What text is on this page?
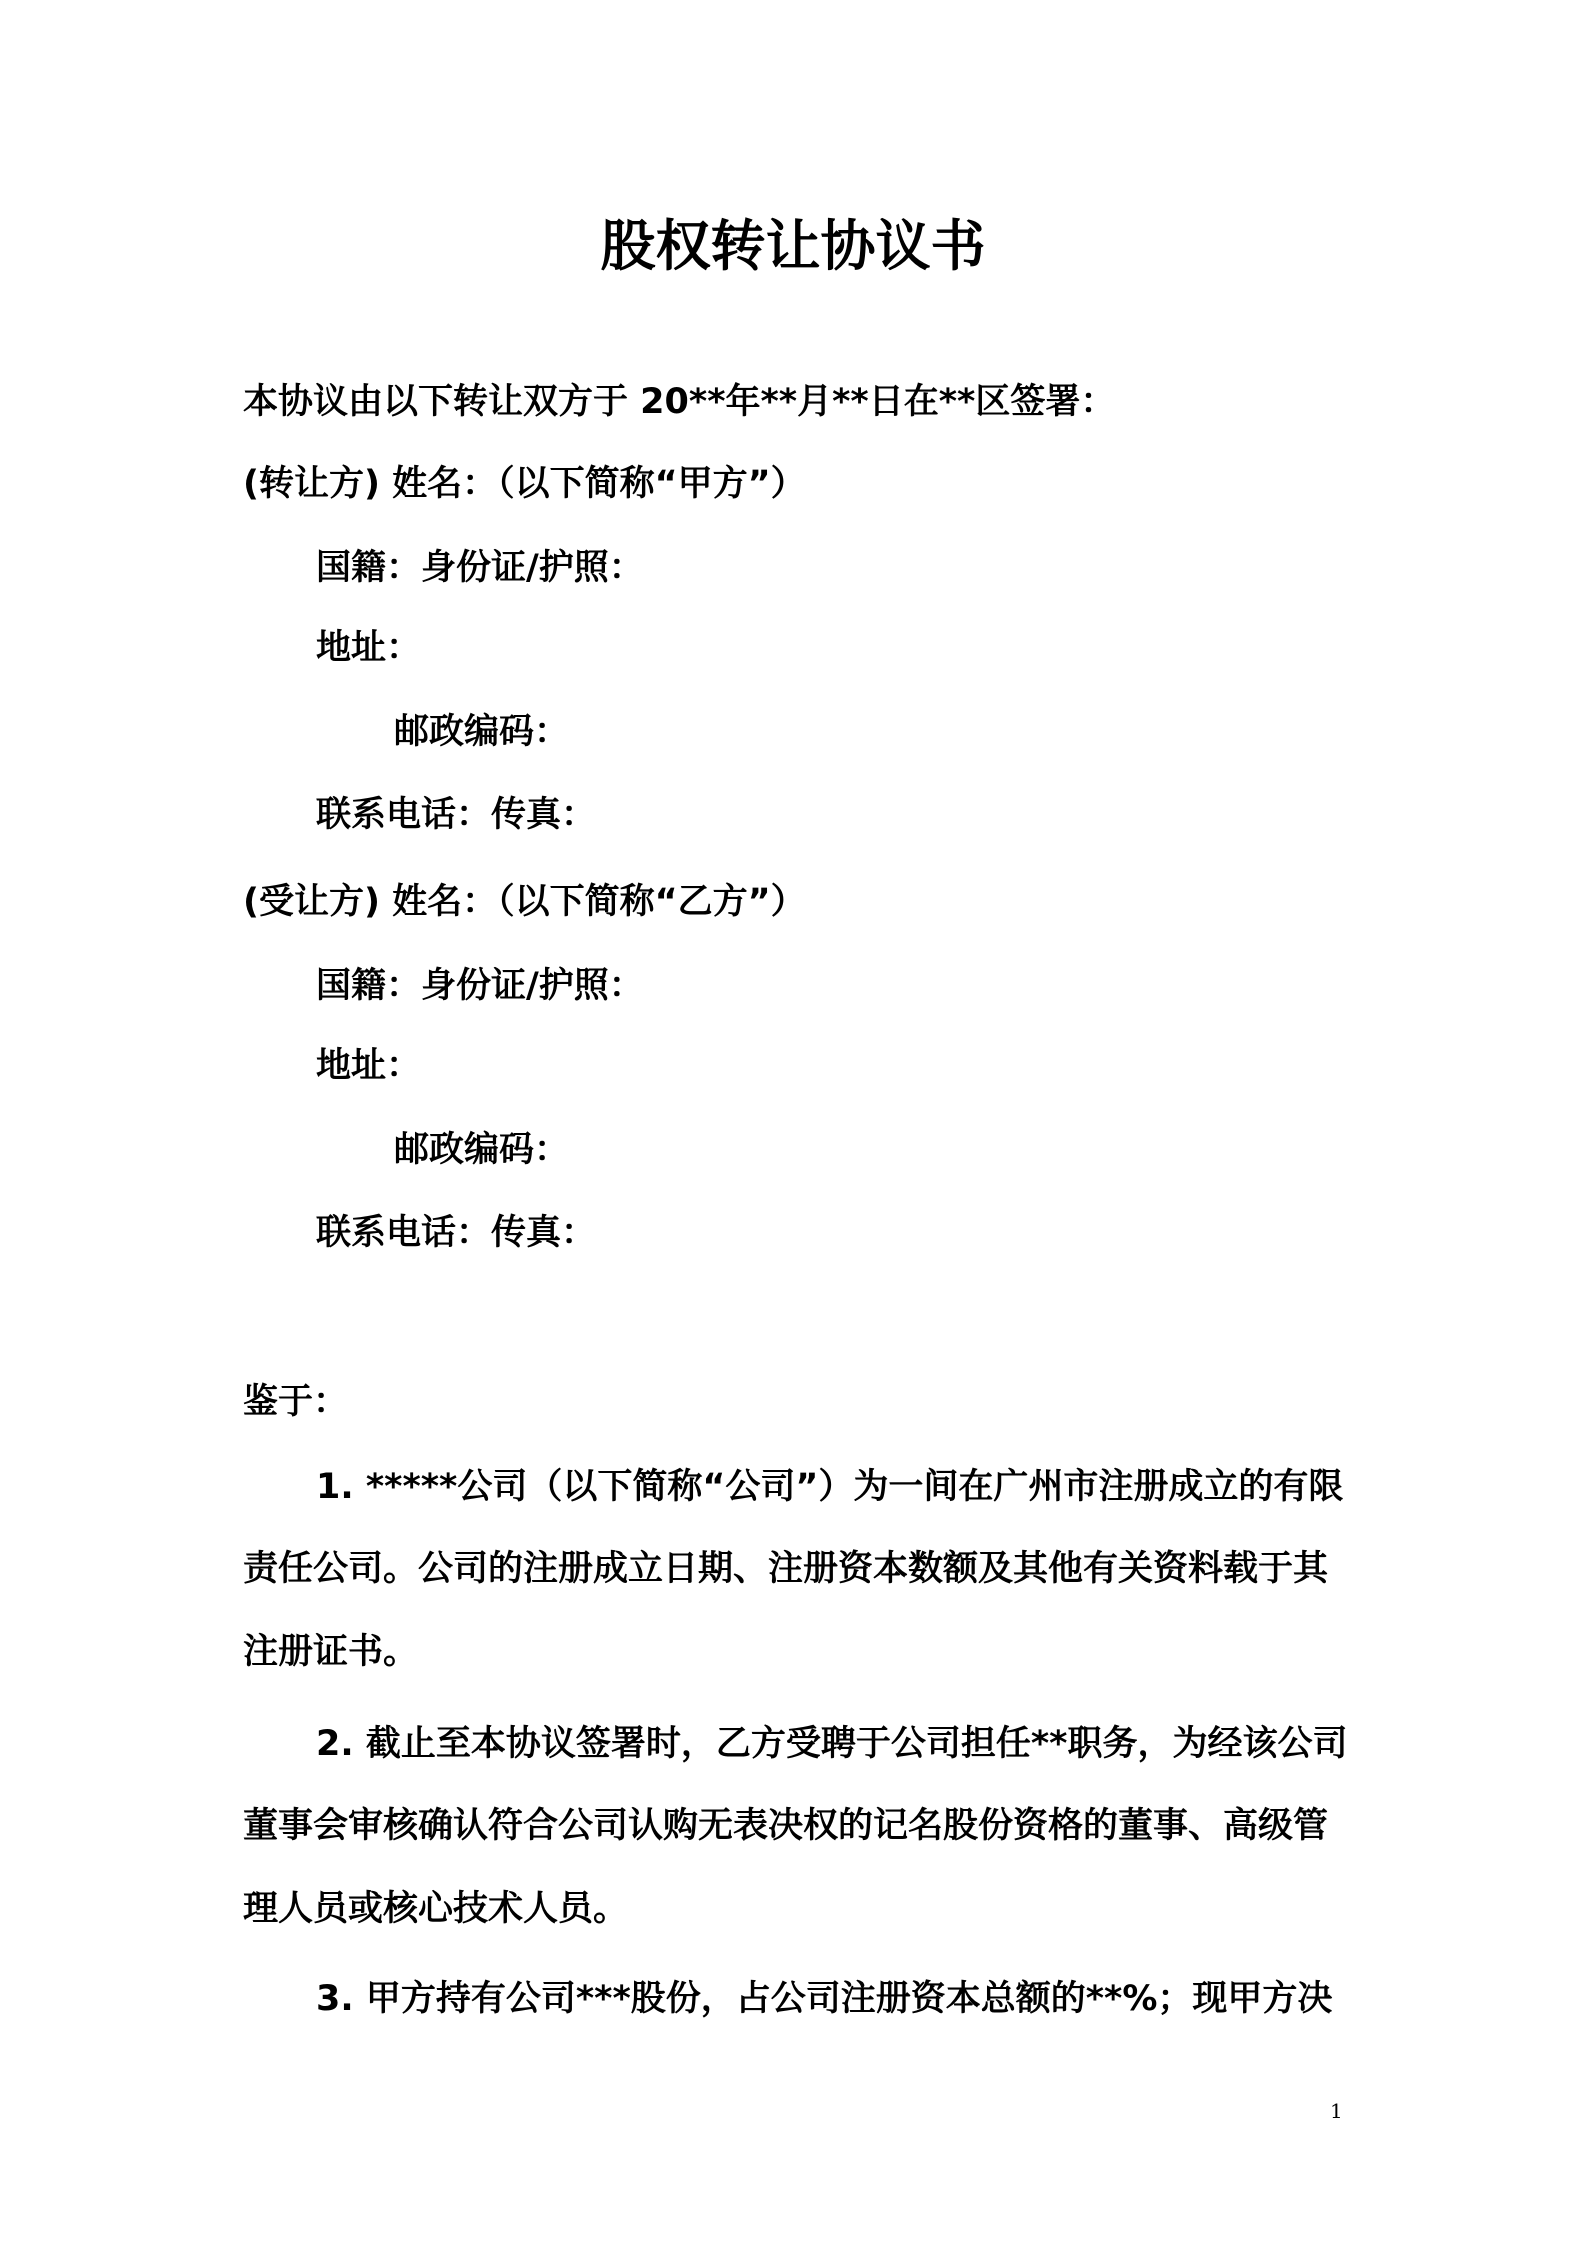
股权转让协议书
本协议由以下转让双方于 20**年**月**日在**区签署：
(转让方) 姓名：（以下简称“甲方”）
国籍：身份证/护照：
地址：
邮政编码：
联系电话：传真：
(受让方) 姓名：（以下简称“乙方”）
国籍：身份证/护照：
地址：
邮政编码：
联系电话：传真：
鉴于：
1. *****公司（以下简称“公司”）为一间在广州市注册成立的有限
责任公司。公司的注册成立日期、注册资本数额及其他有关资料载于其
注册证书。
2. 截止至本协议签署时，乙方受聘于公司担任**职务，为经该公司
董事会审核确认符合公司认购无表决权的记名股份资格的董事、高级管
理人员或核心技术人员。
3. 甲方持有公司***股份，占公司注册资本总额的**%；现甲方决
1
